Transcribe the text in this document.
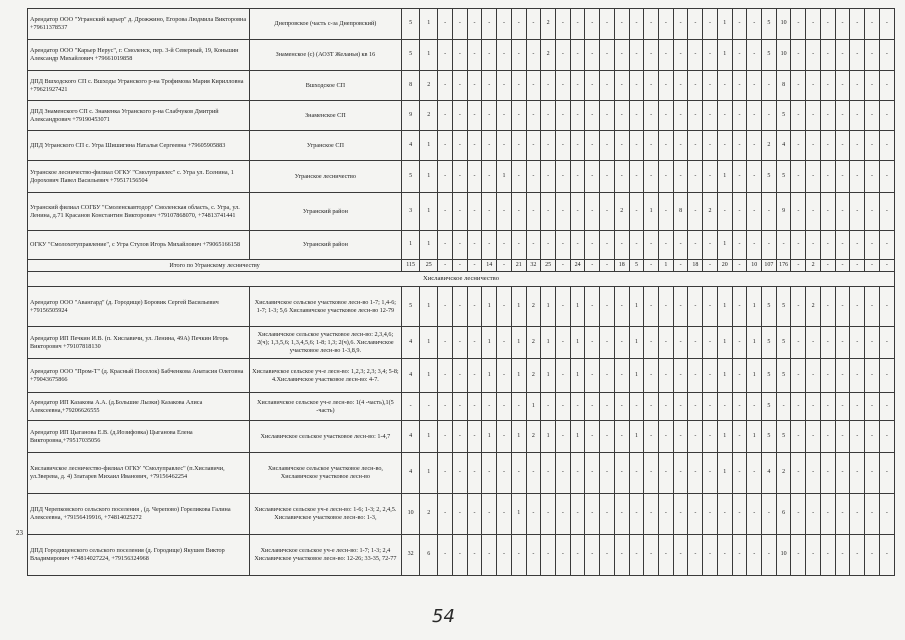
Арендатор ООО "Угранский карьер" д. Дрожжино, Егорова Людмила Викторовна +79611378537	Днепровское (часть с-за Днепровский)	5	1	-	-	-	-	-	-	-	2	-	-	-	-	-	-	-	-	-	-	-	1	-	-	5	10	-	-	-	-	-	-	-
Арендатор ООО "Карьер Нерус", г. Смоленск, пер. 3-й Северный, 19, Коньшин Александр Михайлович +79661019858	Знаменское (с) (АОЗТ Желанья) кв 16	5	1	-	-	-	-	-	-	-	2	-	-	-	-	-	-	-	-	-	-	-	1	-	-	5	10	-	-	-	-	-	-	-
ДПД Вшходского СП с. Вшходы Угранского р-на Трофимова Мария Кирилловна +79621927421	Вшходское СП	8	2	-	-	-	-	-	-	-	-	-	-	-	-	-	-	-	-	-	-	-	-	-	-	-	8	-	-	-	-	-	-	-
ДПД Знаменского СП с. Знаменка Угранского р-на Слабчуков Дмитрий Александрович +79190453071	Знаменское СП	9	2	-	-	-	-	-	-	-	-	-	-	-	-	-	-	-	-	-	-	-	-	-	-	-	5	-	-	-	-	-	-	-
ДПД Угранского СП с. Угра Шишигина Наталья Сергеевна +79605905883	Угранское СП	4	1	-	-	-	-	-	-	-	-	-	-	-	-	-	-	-	-	-	-	-	-	-	-	2	4	-	-	-	-	-	-	-
Угранское лесничество-филиал ОГКУ "Смолуправлес" с. Угра ул. Есенина, 1 Дорохович Павел Васильевич +79517156504	Угранское лесничество	5	1	-	-	-	-	1	-	-	-	-	-	-	-	-	-	-	-	-	-	-	1	-	-	5	5	-	-	-	-	-	-	-
Угранский филиал СОГБУ "Смоленскавтодор" Смоленская область, с. Угра, ул. Ленина, д.71 Красанов Константин Викторович +79107868070, +74813741441	Угранский район	3	1	-	-	-	-	-	-	-	-	-	-	-	-	2	-	1	-	8	-	2	-	-	-	-	9	-	-	-	-	-	-	-
ОГКУ "Смолохотуправление", с Угра Стулов Игорь Михайлович +79065166158	Угранский район	1	1	-	-	-	-	-	-	-	-	-	-	-	-	-	-	-	-	-	-	-	1	-	-	-	-	-	-	-	-	-	-	-
Итого по Угранскому лесничеству		115	25	-	-	-	14	-	21	32	25	-	24	-	-	18	5	-	1	-	18	-	20	-	10	107	176	-	2	-	-	-	-	-
Хиславичское лесничество																																		
Арендатор ООО "Авангард" (д. Городище) Боровик Сергей Васильевич +79156505924	Хиславичское сельское участковое лесн-во 1-7; 1,4-6; 1-7; 1-3; 5,6 Хиславичское участковое лесн-во 12-79	5	1	-	-	-	1	-	1	2	1	-	1	-	-	-	1	-	-	-	-	-	1	-	1	5	5	-	2	-	-	-	-	-
Арендатор ИП Печкин И.В. (п. Хиславичи, ул. Ленина, 49А) Печкин Игорь Викторович +79107818130	Хиславичское сельское участковое лесн-во: 2,3,4,6; 2(ч); 1,3,5,6; 1,3,4,5,6; 1-8; 1,3; 2(ч),6. Хиславичское участковое лесн-во 1-3,8,9.	4	1	-	-	-	1	-	1	2	1	-	1	-	-	-	1	-	-	-	-	-	1	-	1	5	5	-	-	-	-	-	-	-
Арендатор ООО "Пром-Т" (д. Красный Поселок) Бабченкова Анатасия Олеговна +79043675866	Хиславичское сельское уч-е лесн-во: 1,2,3; 2,3; 3,4; 5-8; 4.Хиславичское участковое лесн-во: 4-7.	4	1	-	-	-	1	-	1	2	1	-	1	-	-	-	1	-	-	-	-	-	1	-	1	5	5	-	-	-	-	-	-	-
Арендатор ИП Казакова А.А. (д.Большие Лызки) Казакова Алиса Алексеевна,+79206626555	Хиславичское сельское уч-е лесн-во: 1(4 -часть),1(5 -часть)	-	-	-	-	-	-	-	-	1	-	-	-	-	-	-	-	-	-	-	-	-	-	-	-	5	-	-	-	-	-	-	-	-
Арендатор ИП Цыганова Е.В. (д.Иозифовка) Цыганова Елена Викторовна,+79517035056	Хиславичское сельское участковое лесн-во: 1-4,7	4	1	-	-	-	1	-	1	2	1	-	1	-	-	-	1	-	-	-	-	-	1	-	1	5	5	-	-	-	-	-	-	-
Хиславичское лесничество-филиал ОГКУ "Смолуправлес" (п.Хиславичи, ул.Зверева, д. 4) Златарев Михаил Иванович, +79156462254	Хиславичское сельское участковое лесн-во, Хиславичское участковое лесн-во	4	1	-	-	-	-	-	-	-	-	-	-	-	-	-	-	-	-	-	-	-	1	-	-	4	2	-	-	-	-	-	-	-
ДПД Черепковского сельского поселения , (д. Черепово) Гореликова Галина Алексеевна, +79156419916, +74814025272	Хиславичское сельское уч-е лесн-во: 1-6; 1-3; 2, 2,4,5. Хиславичское участковое лесн-во: 1-3,	10	2	-	-	-	-	-	1	-	-	-	-	-	-	-	-	-	-	-	-	-	-	-	-	-	6	-	-	-	-	-	-	-
ДПД Городищенского сельского поселения (д. Городище) Якушев Виктор Владимирович +74814027224, +79156324968	Хиславичское сельское уч-е лесн-во: 1-7; 1-3; 2,4 Хиславичское участковое лесн-во: 12-26; 33-35, 72-77	32	6	-	-	-	-	-	-	-	-	-	-	-	-	-	-	-	-	-	-	-	-	-	-	-	10	-	-	-	-	-	-	-
23
54
